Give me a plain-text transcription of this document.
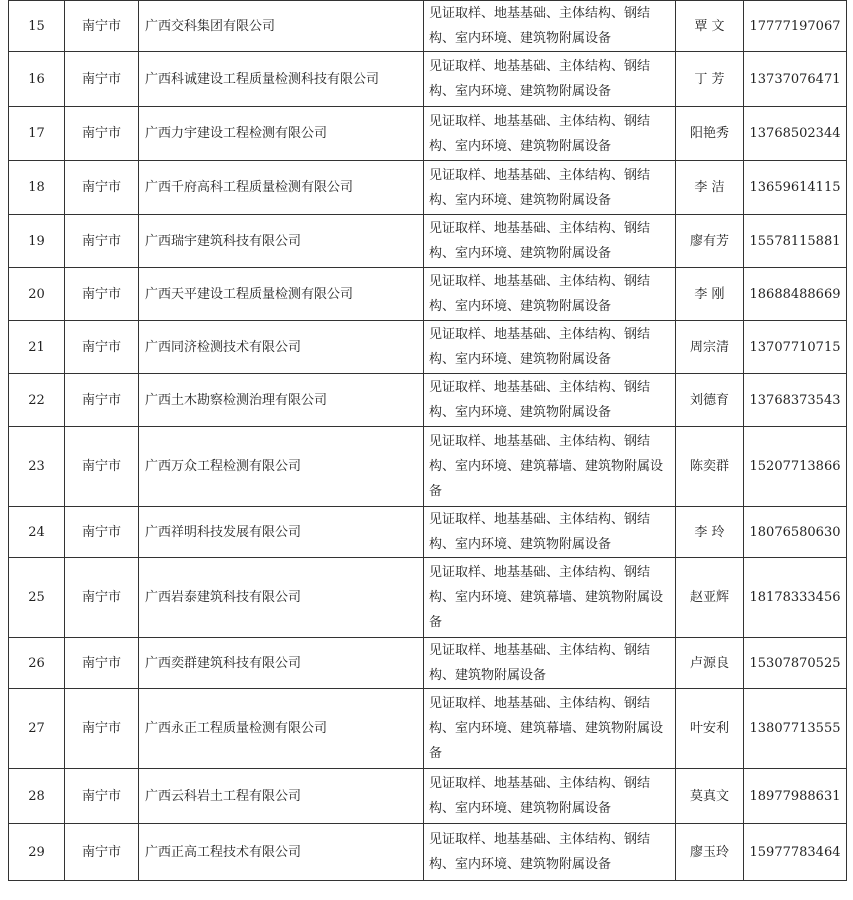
15	南宁市	广西交科集团有限公司	见证取样、地基基础、主体结构、钢结构、室内环境、建筑物附属设备	覃 文	17777197067
16	南宁市	广西科诚建设工程质量检测科技有限公司	见证取样、地基基础、主体结构、钢结构、室内环境、建筑物附属设备	丁 芳	13737076471
17	南宁市	广西力宇建设工程检测有限公司	见证取样、地基基础、主体结构、钢结构、室内环境、建筑物附属设备	阳艳秀	13768502344
18	南宁市	广西千府高科工程质量检测有限公司	见证取样、地基基础、主体结构、钢结构、室内环境、建筑物附属设备	李 洁	13659614115
19	南宁市	广西瑞宇建筑科技有限公司	见证取样、地基基础、主体结构、钢结构、室内环境、建筑物附属设备	廖有芳	15578115881
20	南宁市	广西天平建设工程质量检测有限公司	见证取样、地基基础、主体结构、钢结构、室内环境、建筑物附属设备	李 刚	18688488669
21	南宁市	广西同济检测技术有限公司	见证取样、地基基础、主体结构、钢结构、室内环境、建筑物附属设备	周宗清	13707710715
22	南宁市	广西土木勘察检测治理有限公司	见证取样、地基基础、主体结构、钢结构、室内环境、建筑物附属设备	刘德育	13768373543
23	南宁市	广西万众工程检测有限公司	见证取样、地基基础、主体结构、钢结构、室内环境、建筑幕墙、建筑物附属设备	陈奕群	15207713866
24	南宁市	广西祥明科技发展有限公司	见证取样、地基基础、主体结构、钢结构、室内环境、建筑物附属设备	李 玲	18076580630
25	南宁市	广西岩泰建筑科技有限公司	见证取样、地基基础、主体结构、钢结构、室内环境、建筑幕墙、建筑物附属设备	赵亚辉	18178333456
26	南宁市	广西奕群建筑科技有限公司	见证取样、地基基础、主体结构、钢结构、建筑物附属设备	卢源良	15307870525
27	南宁市	广西永正工程质量检测有限公司	见证取样、地基基础、主体结构、钢结构、室内环境、建筑幕墙、建筑物附属设备	叶安利	13807713555
28	南宁市	广西云科岩土工程有限公司	见证取样、地基基础、主体结构、钢结构、室内环境、建筑物附属设备	莫真文	18977988631
29	南宁市	广西正高工程技术有限公司	见证取样、地基基础、主体结构、钢结构、室内环境、建筑物附属设备	廖玉玲	15977783464
